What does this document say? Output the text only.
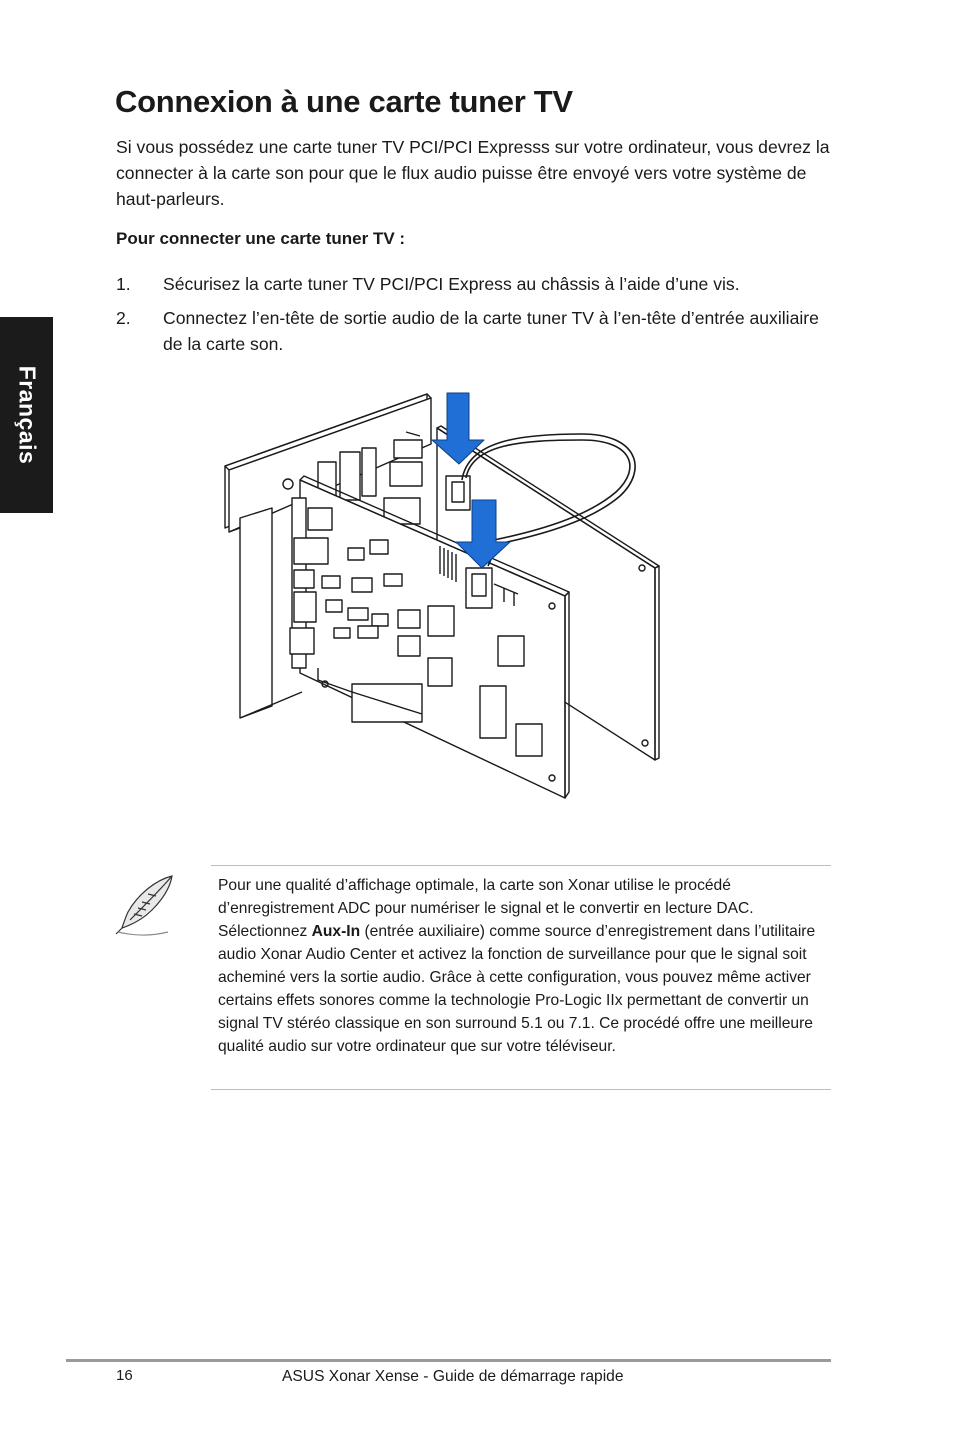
Français
Connexion à une carte tuner TV

Si vous possédez une carte tuner TV PCI/PCI Expresss sur votre ordinateur, vous devrez la connecter à la carte son pour que le flux audio puisse être envoyé vers votre système de haut-parleurs.

Pour connecter une carte tuner TV :

1. Sécurisez la carte tuner TV PCI/PCI Express au châssis à l’aide d’une vis.
2. Connectez l’en-tête de sortie audio de la carte tuner TV à l’en-tête d’entrée auxiliaire de la carte son.

Pour une qualité d’affichage optimale, la carte son Xonar utilise le procédé d’enregistrement ADC pour numériser le signal et le convertir en lecture DAC. Sélectionnez Aux-In (entrée auxiliaire) comme source d’enregistrement dans l’utilitaire audio Xonar Audio Center et activez la fonction de surveillance pour que le signal soit acheminé vers la sortie audio. Grâce à cette configuration, vous pouvez même activer certains effets sonores comme la technologie Pro-Logic IIx permettant de convertir un signal TV stéréo classique en son surround 5.1 ou 7.1. Ce procédé offre une meilleure qualité audio sur votre ordinateur que sur votre téléviseur.

16	ASUS Xonar Xense - Guide de démarrage rapide
